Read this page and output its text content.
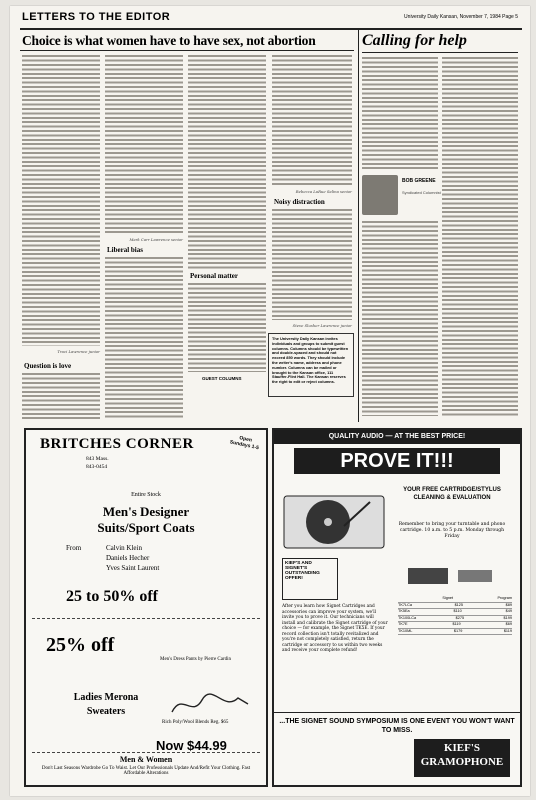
LETTERS TO THE EDITOR	University Daily Kansan, November 7, 1984 Page 5
Choice is what women have to have sex, not abortion
Traci Lawrence junior
Question is love
Mark Carr Lawrence senior
Liberal bias
Personal matter
Rebecca LaRue Salina senior
Noisy distraction
Steve Slusher Lawrence junior
The University Daily Kansan invites individuals and groups to submit guest columns. Columns should be typewritten and double-spaced and should not exceed 850 words. They should include the writer's name, address and phone number. Columns can be mailed or brought to the Kansan office, 111 Stauffer-Flint Hall. The Kansan reserves the right to edit or reject columns.
GUEST COLUMNS
Calling for help
BOB GREENE
Syndicated Columnist
BRITCHES CORNER
843 Mass.
843-0454
Open Sundays 1-5
Entire Stock
Men's Designer
Suits/Sport Coats
From	Calvin Klein
Daniels Hecher
Yves Saint Laurent
25 to 50% off
25% off
Men's Dress Pants by Pierre Cardin
Ladies Merona
Sweaters
Rich Poly/Wool Blends Reg. $65
Now $44.99
Men & Women
Don't Last Seasons Wardrobe Go To Waist. Let Our Professionals Update And/Refit Your Clothing. Fast Affordable Alterations
QUALITY AUDIO — AT THE BEST PRICE!
PROVE IT!!!
YOUR FREE CARTRIDGE/STYLUS CLEANING & EVALUATION
Remember to bring your turntable and phono cartridge. 10 a.m. to 5 p.m. Monday through Friday
KIEF'S AND SIGNET'S OUTSTANDING OFFER!
After you learn how Signet Cartridges and accessories can improve your system, we'll invite you to prove it. Our technicians will install and calibrate the Signet cartridge of your choice — for example, the Signet TK5E. If your record collection isn't totally revitalized and you're not completely satisfied, return the cartridge or accessory to us within two weeks and receive your complete refund!
Signet	Program
TK7LCa	$125	$89
TK5Ea	$110	$49
TK100LCa	$275	$199
TK7E	$119	$69
TK10ML	$179	$119
...THE SIGNET SOUND SYMPOSIUM IS ONE EVENT YOU WON'T WANT TO MISS.
KIEF'S
GRAMOPHONE
